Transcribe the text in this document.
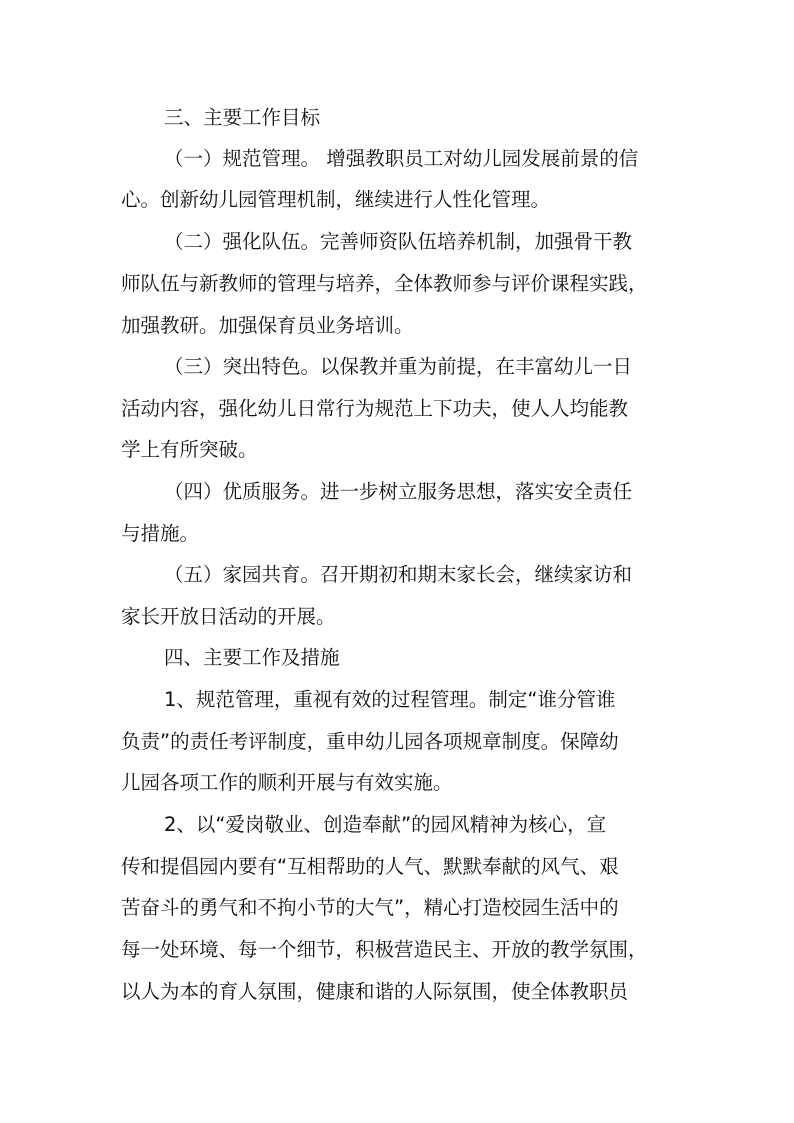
三、主要工作目标
（一）规范管理。 增强教职员工对幼儿园发展前景的信
心。创新幼儿园管理机制，继续进行人性化管理。
（二）强化队伍。完善师资队伍培养机制，加强骨干教
师队伍与新教师的管理与培养，全体教师参与评价课程实践，
加强教研。加强保育员业务培训。
（三）突出特色。以保教并重为前提，在丰富幼儿一日
活动内容，强化幼儿日常行为规范上下功夫，使人人均能教
学上有所突破。
（四）优质服务。进一步树立服务思想，落实安全责任
与措施。
（五）家园共育。召开期初和期末家长会，继续家访和
家长开放日活动的开展。
四、主要工作及措施
1、规范管理，重视有效的过程管理。制定“谁分管谁
负责”的责任考评制度，重申幼儿园各项规章制度。保障幼
儿园各项工作的顺利开展与有效实施。
2、以“爱岗敬业、创造奉献”的园风精神为核心，宣
传和提倡园内要有“互相帮助的人气、默默奉献的风气、艰
苦奋斗的勇气和不拘小节的大气”，精心打造校园生活中的
每一处环境、每一个细节，积极营造民主、开放的教学氛围，
以人为本的育人氛围，健康和谐的人际氛围，使全体教职员
